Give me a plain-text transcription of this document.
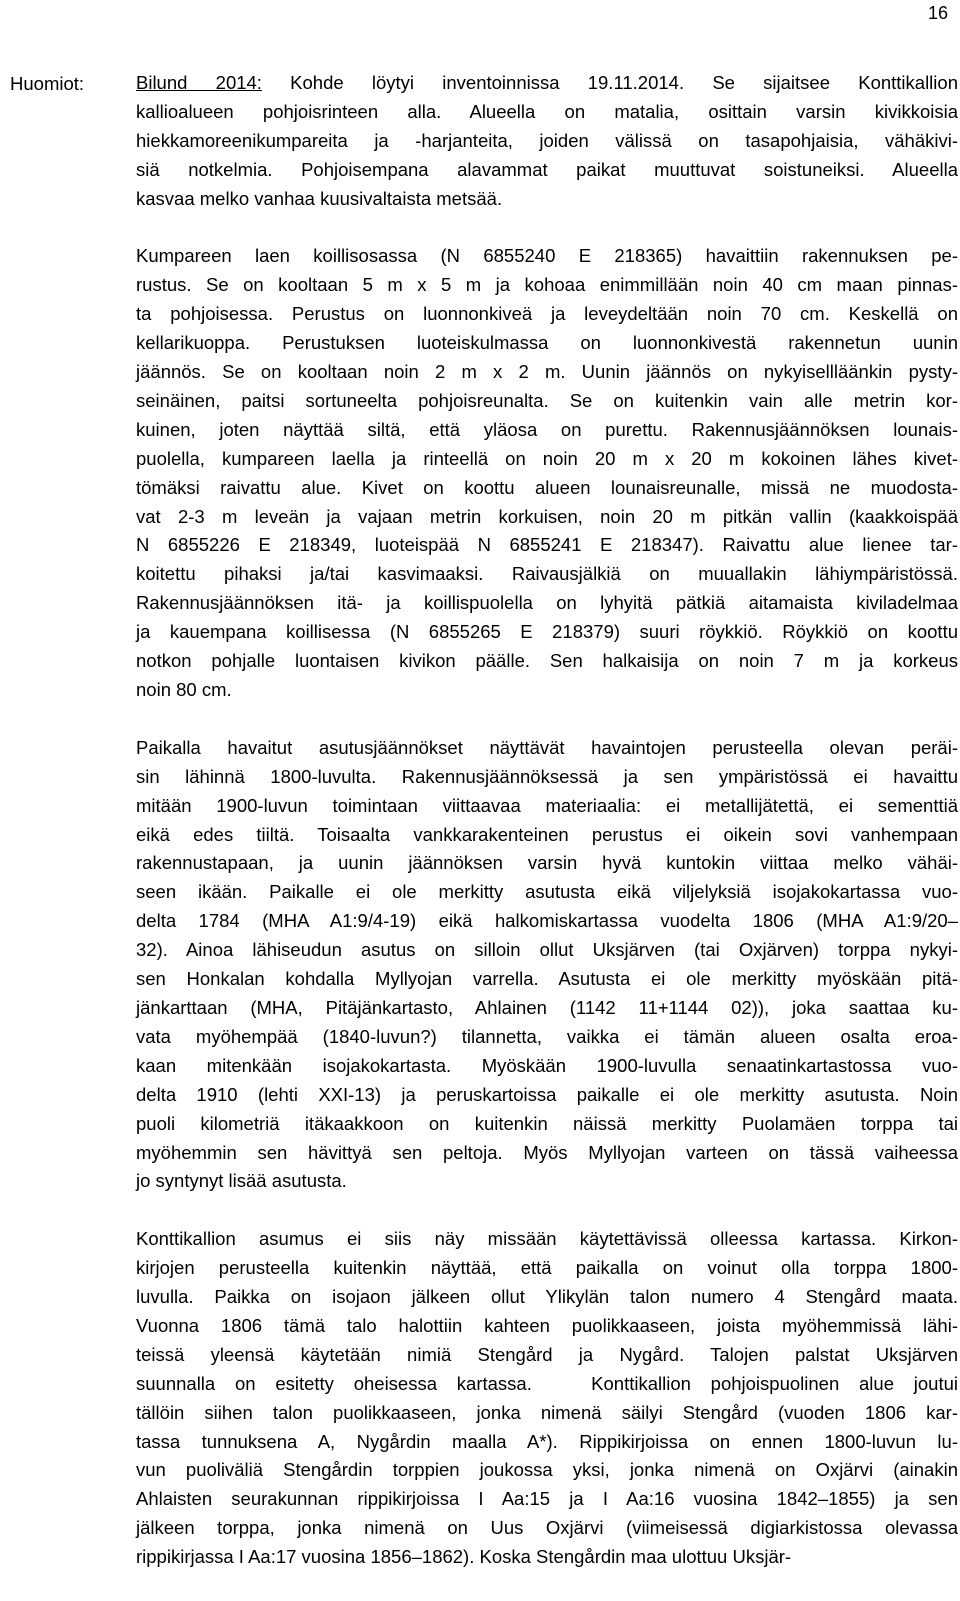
16
Huomiot:	Bilund 2014: Kohde löytyi inventoinnissa 19.11.2014. Se sijaitsee Konttikallion
kallioalueen pohjoisrinteen alla. Alueella on matalia, osittain varsin kivikkoisia
hiekkamoreenikumpareita ja -harjanteita, joiden välissä on tasapohjaisia, vähäkivi-
siä notkelmia. Pohjoisempana alavammat paikat muuttuvat soistuneiksi. Alueella
kasvaa melko vanhaa kuusivaltaista metsää.
Kumpareen laen koillisosassa (N 6855240 E 218365) havaittiin rakennuksen pe-
rustus. Se on kooltaan 5 m x 5 m ja kohoaa enimmillään noin 40 cm maan pinnas-
ta pohjoisessa. Perustus on luonnonkiveä ja leveydeltään noin 70 cm. Keskellä on
kellarikuoppa. Perustuksen luoteiskulmassa on luonnonkivestä rakennetun uunin
jäännös. Se on kooltaan noin 2 m x 2 m. Uunin jäännös on nykyisellläänkin pysty-
seinäinen, paitsi sortuneelta pohjoisreunalta. Se on kuitenkin vain alle metrin kor-
kuinen, joten näyttää siltä, että yläosa on purettu. Rakennusjäännöksen lounais-
puolella, kumpareen laella ja rinteellä on noin 20 m x 20 m kokoinen lähes kivet-
tömäksi raivattu alue. Kivet on koottu alueen lounaisreunalle, missä ne muodosta-
vat 2-3 m leveän ja vajaan metrin korkuisen, noin 20 m pitkän vallin (kaakkoispää
N 6855226 E 218349, luoteispää N 6855241 E 218347). Raivattu alue lienee tar-
koitettu pihaksi ja/tai kasvimaaksi. Raivausjälkiä on muuallakin lähiympäristössä.
Rakennusjäännöksen itä- ja koillispuolella on lyhyitä pätkiä aitamaista kiviladelmaa
ja kauempana koillisessa (N 6855265 E 218379) suuri röykkiö. Röykkiö on koottu
notkon pohjalle luontaisen kivikon päälle. Sen halkaisija on noin 7 m ja korkeus
noin 80 cm.
Paikalla havaitut asutusjäännökset näyttävät havaintojen perusteella olevan peräi-
sin lähinnä 1800-luvulta. Rakennusjäännöksessä ja sen ympäristössä ei havaittu
mitään 1900-luvun toimintaan viittaavaa materiaalia: ei metallijätettä, ei sementtiä
eikä edes tiiltä. Toisaalta vankkarakenteinen perustus ei oikein sovi vanhempaan
rakennustapaan, ja uunin jäännöksen varsin hyvä kuntokin viittaa melko vähäi-
seen ikään. Paikalle ei ole merkitty asutusta eikä viljelyksiä isojakokartassa vuo-
delta 1784 (MHA A1:9/4-19) eikä halkomiskartassa vuodelta 1806 (MHA A1:9/20–
32). Ainoa lähiseudun asutus on silloin ollut Uksjärven (tai Oxjärven) torppa nykyi-
sen Honkalan kohdalla Myllyojan varrella. Asutusta ei ole merkitty myöskään pitä-
jänkarttaan (MHA, Pitäjänkartasto, Ahlainen (1142 11+1144 02)), joka saattaa ku-
vata myöhempää (1840-luvun?) tilannetta, vaikka ei tämän alueen osalta eroa-
kaan mitenkään isojakokartasta. Myöskään 1900-luvulla senaatinkartastossa vuo-
delta 1910 (lehti XXI-13) ja peruskartoissa paikalle ei ole merkitty asutusta. Noin
puoli kilometriä itäkaakkoon on kuitenkin näissä merkitty Puolamäen torppa tai
myöhemmin sen hävittyä sen peltoja. Myös Myllyojan varteen on tässä vaiheessa
jo syntynyt lisää asutusta.
Konttikallion asumus ei siis näy missään käytettävissä olleessa kartassa. Kirkon-
kirjojen perusteella kuitenkin näyttää, että paikalla on voinut olla torppa 1800-
luvulla. Paikka on isojaon jälkeen ollut Ylikylän talon numero 4 Stengård maata.
Vuonna 1806 tämä talo halottiin kahteen puolikkaaseen, joista myöhemmissä lähi-
teissä yleensä käytetään nimiä Stengård ja Nygård. Talojen palstat Uksjärven
suunnalla on esitetty oheisessa kartassa.   Konttikallion pohjoispuolinen alue joutui
tällöin siihen talon puolikkaaseen, jonka nimenä säilyi Stengård (vuoden 1806 kar-
tassa tunnuksena A, Nygårdin maalla A*). Rippikirjoissa on ennen 1800-luvun lu-
vun puoliväliä Stengårdin torppien joukossa yksi, jonka nimenä on Oxjärvi (ainakin
Ahlaisten seurakunnan rippikirjoissa I Aa:15 ja I Aa:16 vuosina 1842–1855) ja sen
jälkeen torppa, jonka nimenä on Uus Oxjärvi (viimeisessä digiarkistossa olevassa
rippikirjassa I Aa:17 vuosina 1856–1862). Koska Stengårdin maa ulottuu Uksjär-
